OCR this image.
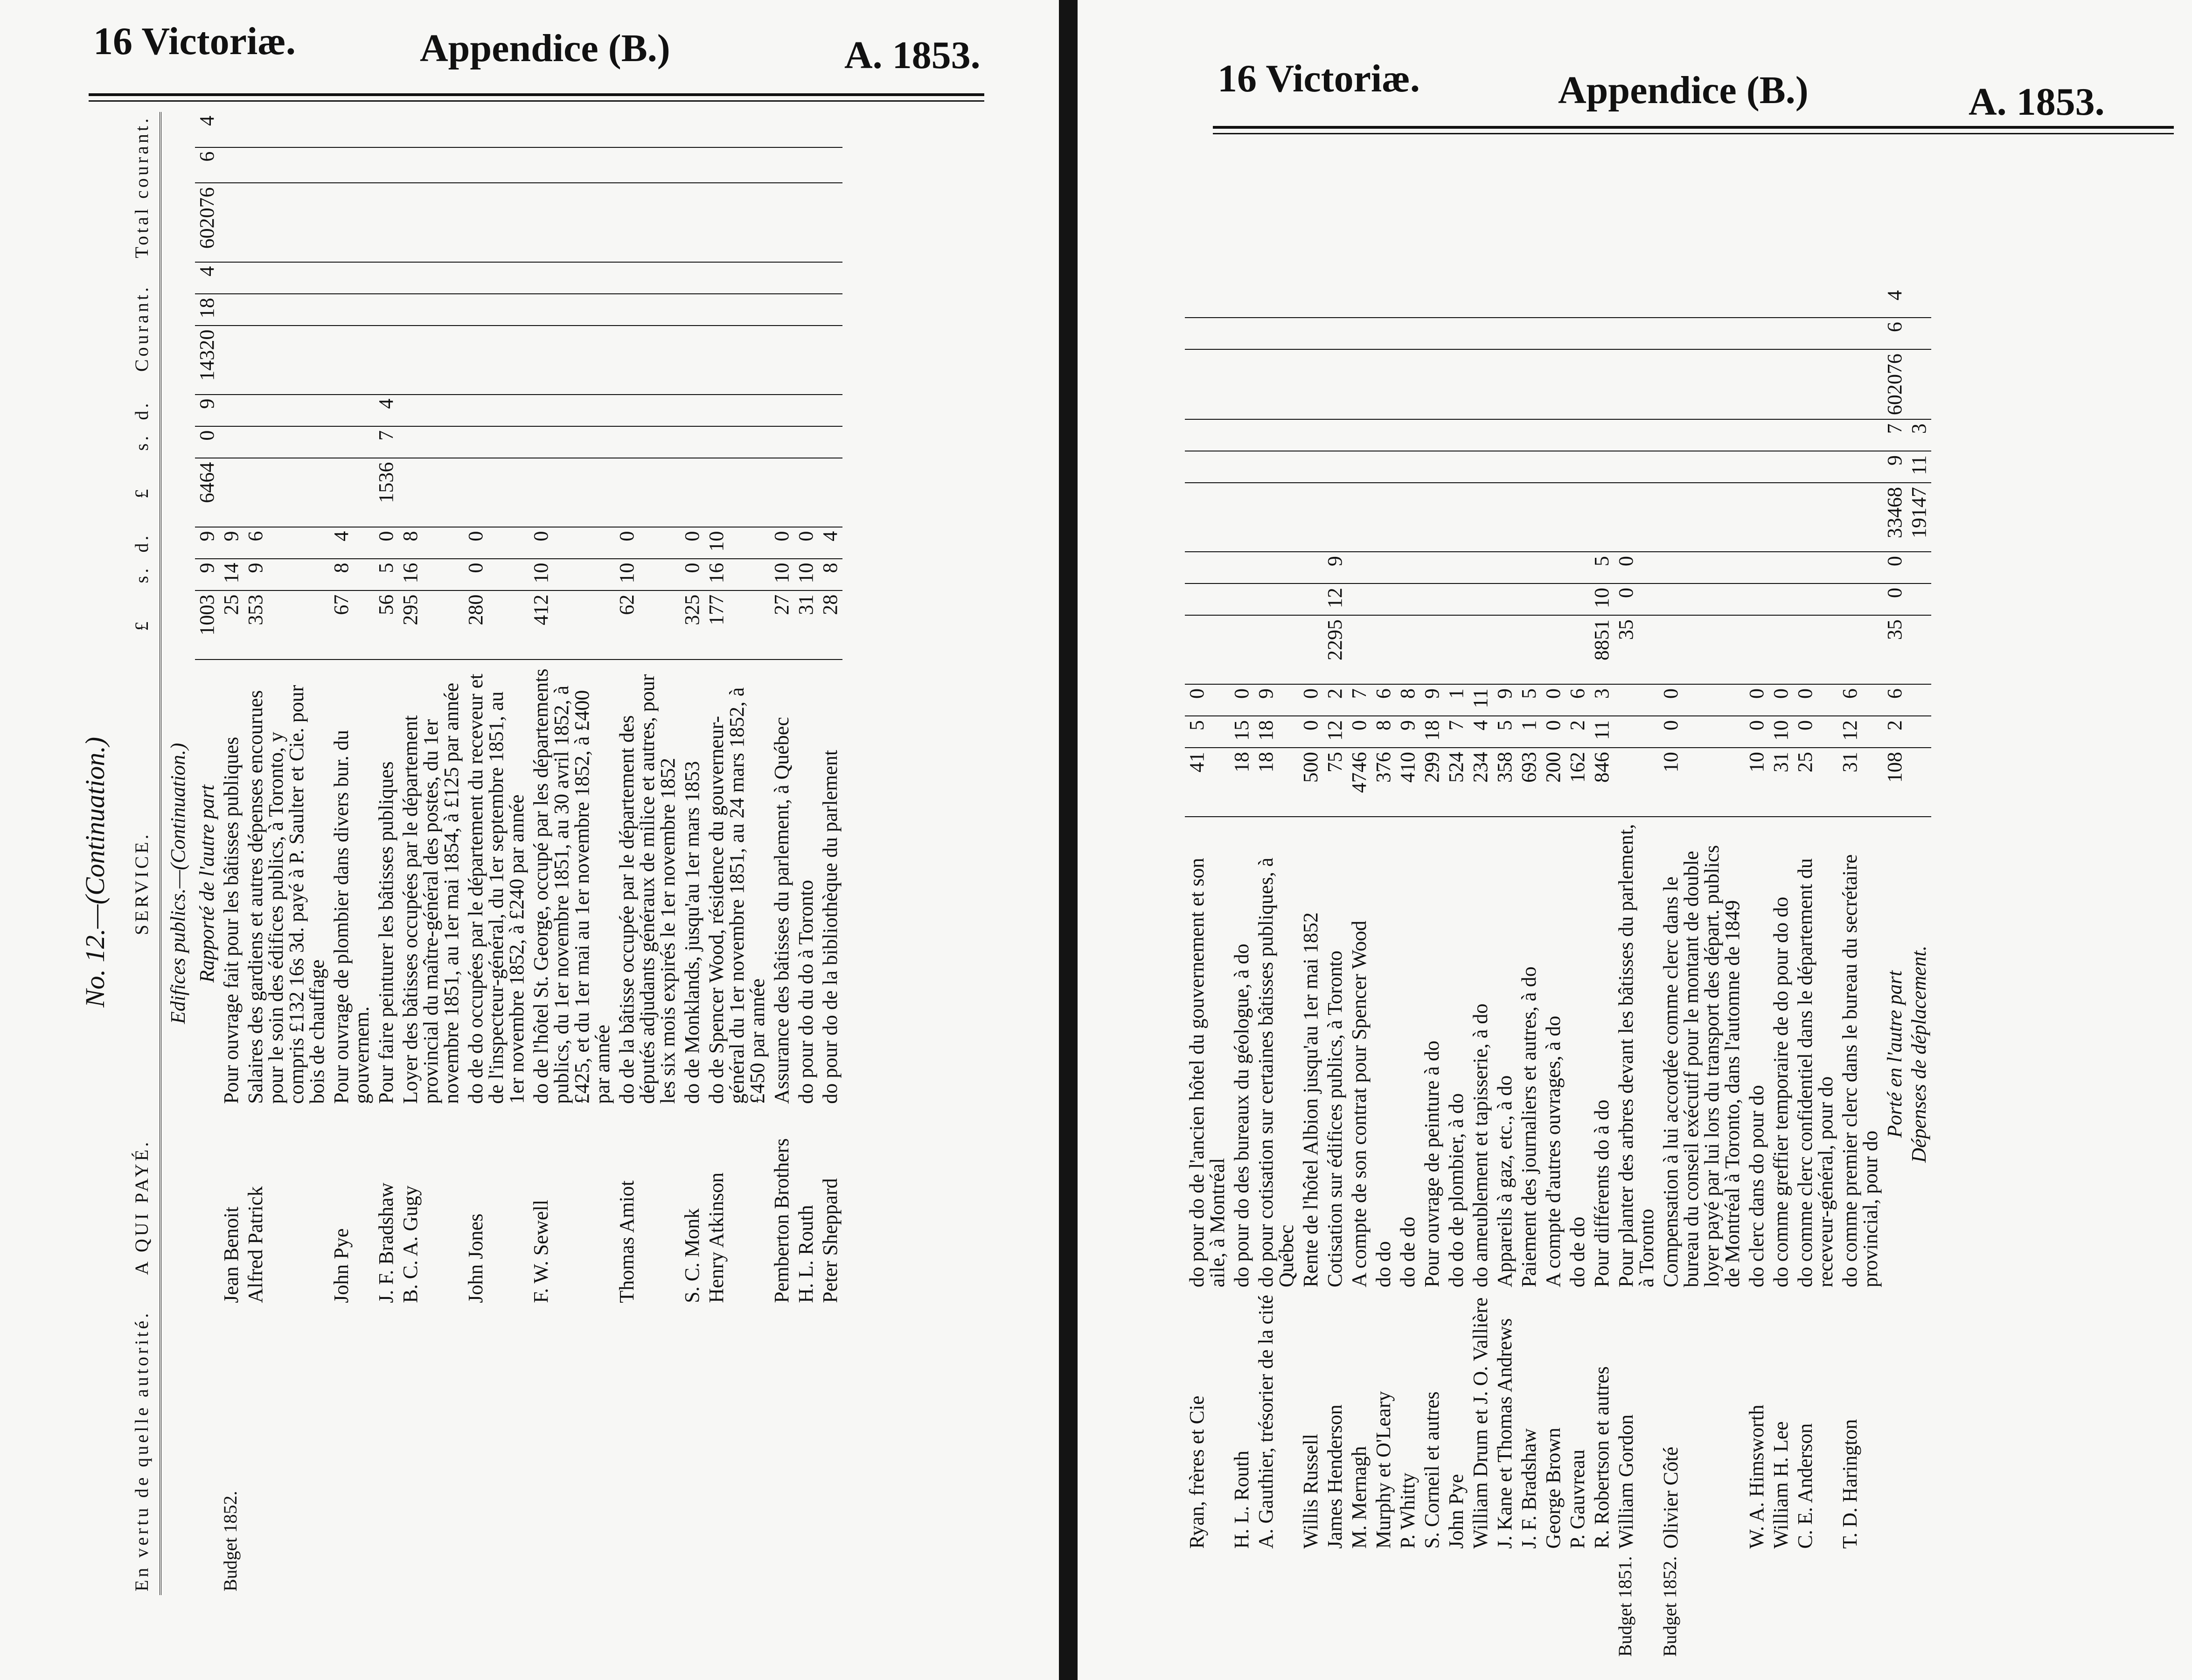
16 Victoriæ.	Appendice (B.)	A. 1853.
No. 12.—(Continuation.)
En vertu de quelle autorité.	A QUI PAYÉ.	SERVICE.	£	s.	d.	£	s.	d.	Courant.			Total courant.		
		Edifices publics.—(Continuation.)												
		Rapporté de l'autre part	1003	9	9	6464	0	9	14320	18	4	602076	6	4
Budget 1852.	Jean Benoit	Pour ouvrage fait pour les bâtisses publiques	25	14	9									
	Alfred Patrick	Salaires des gardiens et autres dépenses encourues pour le soin des édifices publics, à Toronto, y compris £132 16s 3d. payé à P. Saulter et Cie. pour bois de chauffage	353	9	6									
	John Pye	Pour ouvrage de plombier dans divers bur. du gouvernem.	67	8	4									
	J. F. Bradshaw	Pour faire peinturer les bâtisses publiques	56	5	0	1536	7	4						
	B. C. A. Gugy	Loyer des bâtisses occupées par le département provincial du maître-général des postes, du 1er novembre 1851, au 1er mai 1854, à £125 par année	295	16	8									
	John Jones	do de do occupées par le département du receveur et de l'inspecteur-général, du 1er septembre 1851, au 1er novembre 1852, à £240 par année	280	0	0									
	F. W. Sewell	do de l'hôtel St. George, occupé par les départements publics, du 1er novembre 1851, au 30 avril 1852, à £425, et du 1er mai au 1er novembre 1852, à £400 par année	412	10	0									
	Thomas Amiot	do de la bâtisse occupée par le département des députés adjudants généraux de milice et autres, pour les six mois expirés le 1er novembre 1852	62	10	0									
	S. C. Monk	do de Monklands, jusqu'au 1er mars 1853	325	0	0									
	Henry Atkinson	do de Spencer Wood, résidence du gouverneur-général du 1er novembre 1851, au 24 mars 1852, à £450 par année	177	16	10									
	Pemberton Brothers	Assurance des bâtisses du parlement, à Québec	27	10	0									
	H. L. Routh	do pour do du do à Toronto	31	10	0									
	Peter Sheppard	do pour do de la bibliothèque du parlement	28	8	4									
16 Victoriæ.	Appendice (B.)	A. 1853.
	Ryan, frères et Cie	do pour do de l'ancien hôtel du gouvernement et son aile, à Montréal	41	5	0									
	H. L. Routh	do pour do des bureaux du géologue, à do	18	15	0									
	A. Gauthier, trésorier de la cité	do pour cotisation sur certaines bâtisses publiques, à Québec	18	18	9									
	Willis Russell	Rente de l'hôtel Albion jusqu'au 1er mai 1852	500	0	0									
	James Henderson	Cotisation sur édifices publics, à Toronto	75	12	2	2295	12	9						
	M. Mernagh	A compte de son contrat pour Spencer Wood	4746	0	7									
	Murphy et O'Leary	do do	376	8	6									
	P. Whitty	do de do	410	9	8									
	S. Corneil et autres	Pour ouvrage de peinture à do	299	18	9									
	John Pye	do do de plombier, à do	524	7	1									
	William Drum et J. O. Vallière	do ameublement et tapisserie, à do	234	4	11									
	J. Kane et Thomas Andrews	Appareils à gaz, etc., à do	358	5	9									
	J. F. Bradshaw	Paiement des journaliers et autres, à do	693	1	5									
	George Brown	A compte d'autres ouvrages, à do	200	0	0									
	P. Gauvreau	do de do	162	2	6									
	R. Robertson et autres	Pour différents do à do	846	11	3	8851	10	5						
Budget 1851.	William Gordon	Pour planter des arbres devant les bâtisses du parlement, à Toronto				35	0	0						
Budget 1852.	Olivier Côté	Compensation à lui accordée comme clerc dans le bureau du conseil exécutif pour le montant de double loyer payé par lui lors du transport des départ. publics de Montréal à Toronto, dans l'automne de 1849	10	0	0									
	W. A. Himsworth	do clerc dans do pour do	10	0	0									
	William H. Lee	do comme greffier temporaire de do pour do do	31	10	0									
	C. E. Anderson	do comme clerc confidentiel dans le département du receveur-général, pour do	25	0	0									
	T. D. Harington	do comme premier clerc dans le bureau du secrétaire provincial, pour do	31	12	6									
		Porté en l'autre part	108	2	6	35	0	0	33468	9	7	602076	6	4
		Dépenses de déplacement.							19147	11	3			
